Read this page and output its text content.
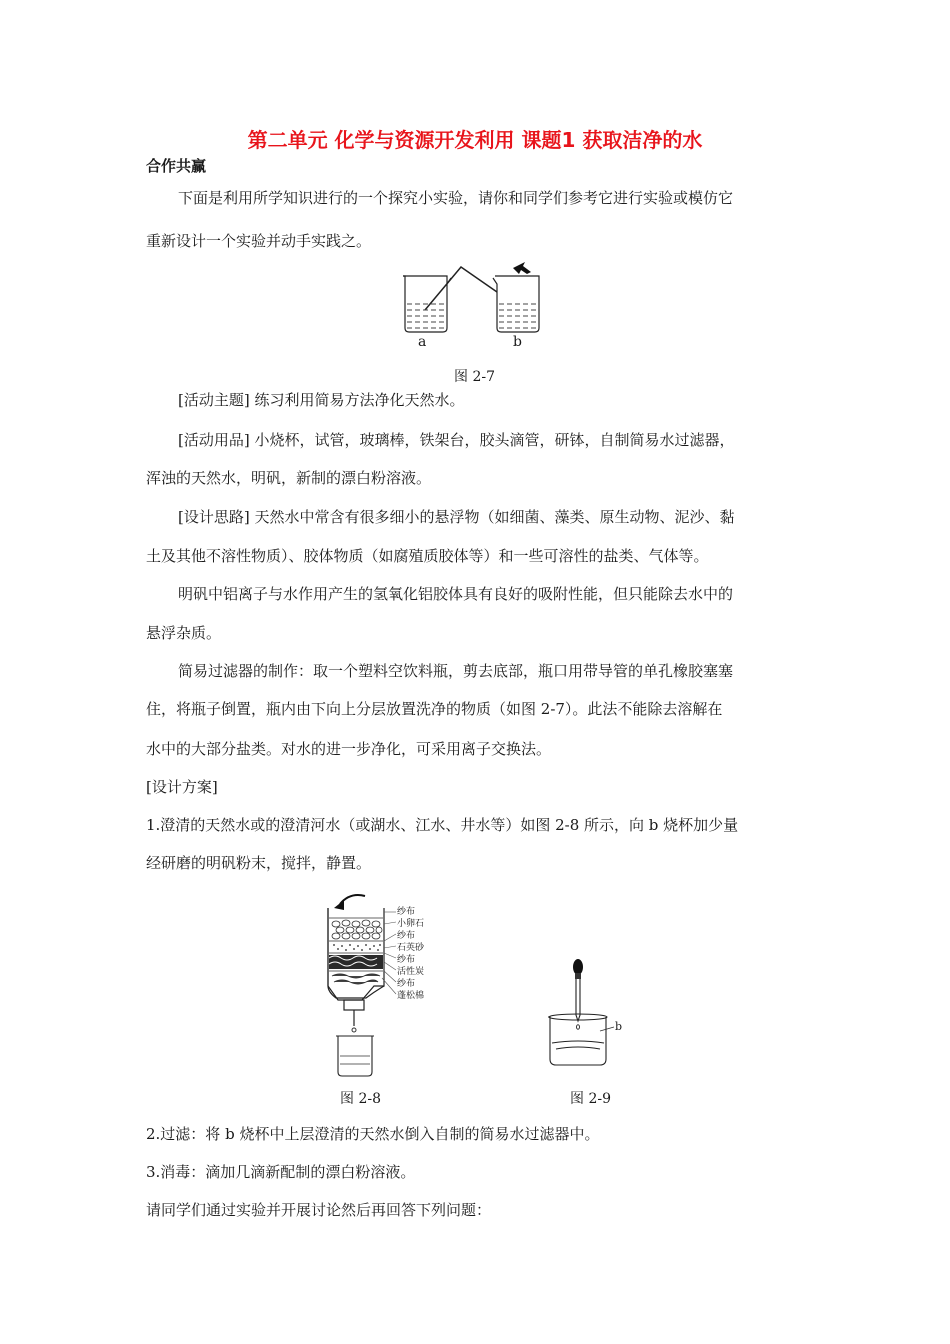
第二单元 化学与资源开发利用 课题1 获取洁净的水
合作共赢
下面是利用所学知识进行的一个探究小实验，请你和同学们参考它进行实验或模仿它
重新设计一个实验并动手实践之。
a	b
图 2-7
[活动主题] 练习利用简易方法净化天然水。
[活动用品] 小烧杯，试管，玻璃棒，铁架台，胶头滴管，研钵，自制简易水过滤器，
浑浊的天然水，明矾，新制的漂白粉溶液。
[设计思路] 天然水中常含有很多细小的悬浮物（如细菌、藻类、原生动物、泥沙、黏
土及其他不溶性物质）、胶体物质（如腐殖质胶体等）和一些可溶性的盐类、气体等。
明矾中铝离子与水作用产生的氢氧化铝胶体具有良好的吸附性能，但只能除去水中的
悬浮杂质。
简易过滤器的制作：取一个塑料空饮料瓶，剪去底部，瓶口用带导管的单孔橡胶塞塞
住，将瓶子倒置，瓶内由下向上分层放置洗净的物质（如图 2-7）。此法不能除去溶解在
水中的大部分盐类。对水的进一步净化，可采用离子交换法。
[设计方案]
1.澄清的天然水或的澄清河水（或湖水、江水、井水等）如图 2-8 所示，向 b 烧杯加少量
经研磨的明矾粉末，搅拌，静置。
纱布
小卵石
纱布
石英砂
纱布
活性炭
纱布
蓬松棉
图 2-8
b
图 2-9
2.过滤：将 b 烧杯中上层澄清的天然水倒入自制的简易水过滤器中。
3.消毒：滴加几滴新配制的漂白粉溶液。
请同学们通过实验并开展讨论然后再回答下列问题：
